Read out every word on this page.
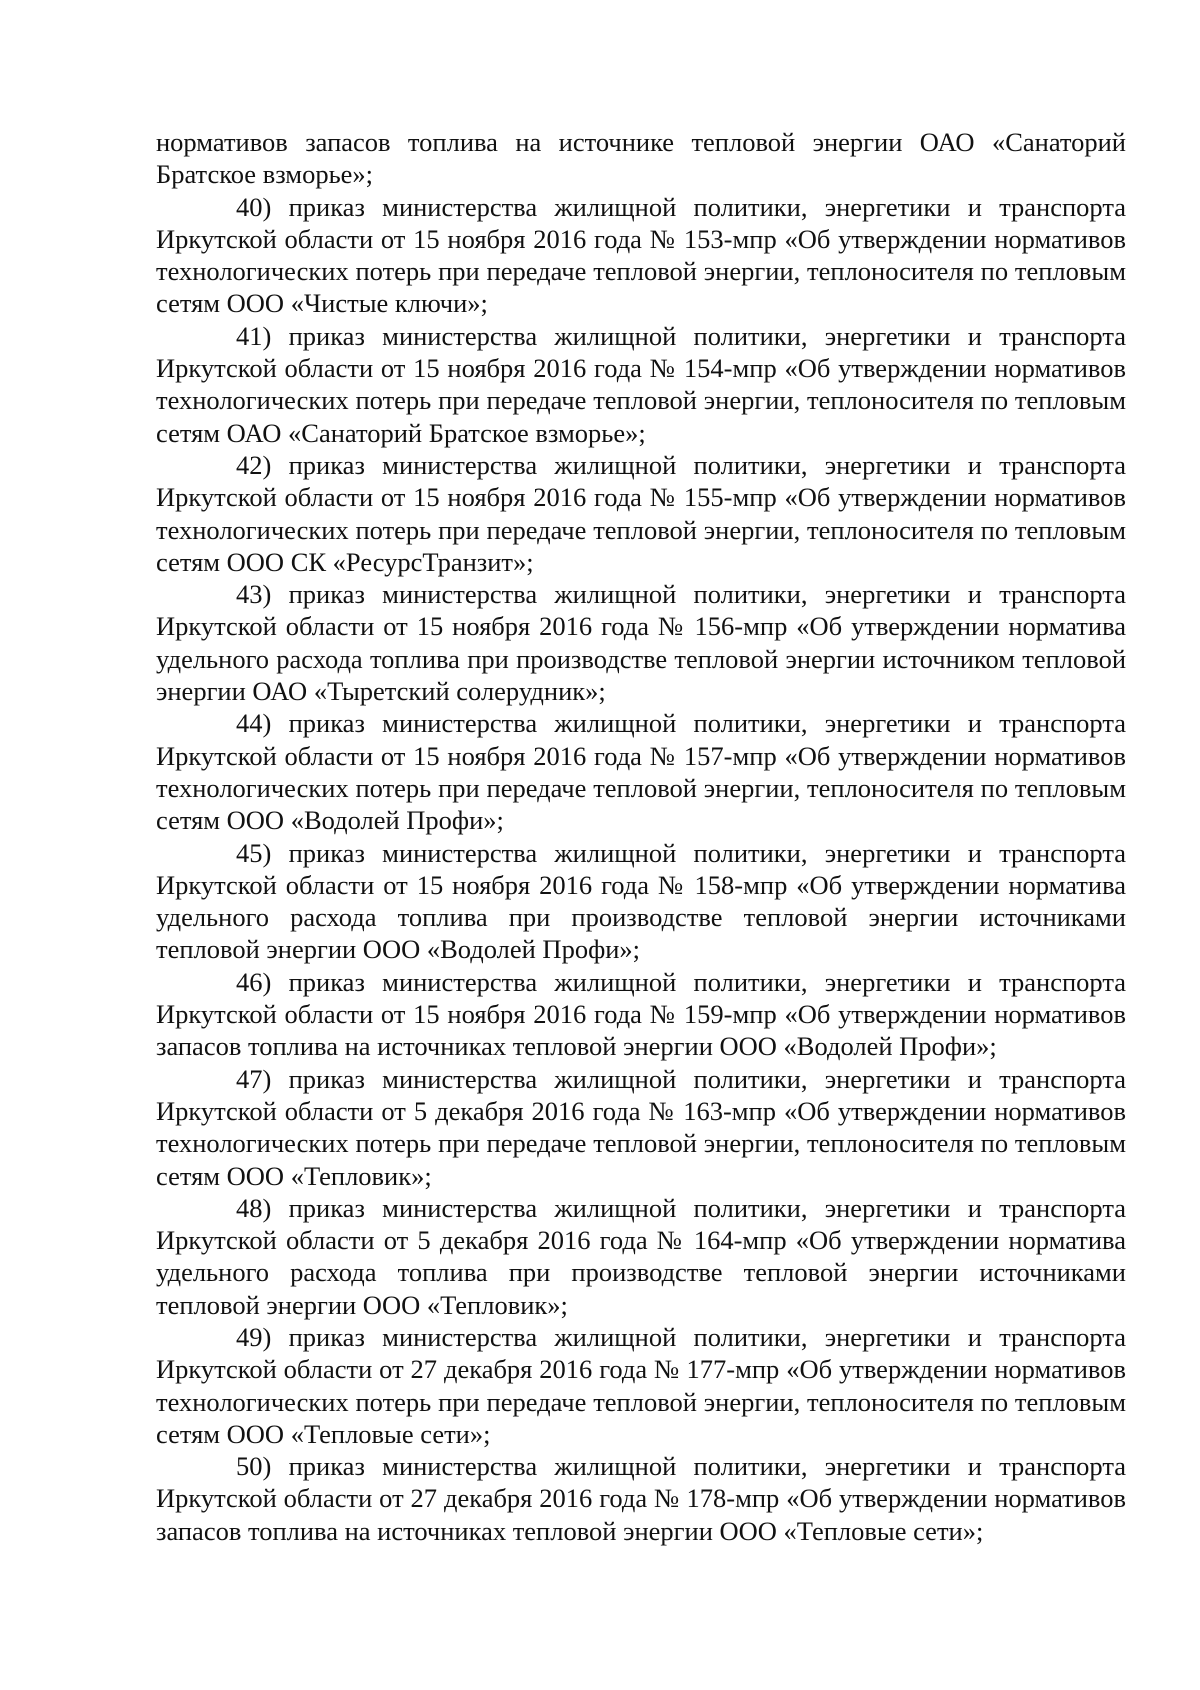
нормативов запасов топлива на источнике тепловой энергии ОАО «Санаторий Братское взморье»;

40) приказ министерства жилищной политики, энергетики и транспорта Иркутской области от 15 ноября 2016 года № 153-мпр «Об утверждении нормативов технологических потерь при передаче тепловой энергии, теплоносителя по тепловым сетям ООО «Чистые ключи»;

41) приказ министерства жилищной политики, энергетики и транспорта Иркутской области от 15 ноября 2016 года № 154-мпр «Об утверждении нормативов технологических потерь при передаче тепловой энергии, теплоносителя по тепловым сетям ОАО «Санаторий Братское взморье»;

42) приказ министерства жилищной политики, энергетики и транспорта Иркутской области от 15 ноября 2016 года № 155-мпр «Об утверждении нормативов технологических потерь при передаче тепловой энергии, теплоносителя по тепловым сетям ООО СК «РесурсТранзит»;

43) приказ министерства жилищной политики, энергетики и транспорта Иркутской области от 15 ноября 2016 года № 156-мпр «Об утверждении норматива удельного расхода топлива при производстве тепловой энергии источником тепловой энергии ОАО «Тыретский солерудник»;

44) приказ министерства жилищной политики, энергетики и транспорта Иркутской области от 15 ноября 2016 года № 157-мпр «Об утверждении нормативов технологических потерь при передаче тепловой энергии, теплоносителя по тепловым сетям ООО «Водолей Профи»;

45) приказ министерства жилищной политики, энергетики и транспорта Иркутской области от 15 ноября 2016 года № 158-мпр «Об утверждении норматива удельного расхода топлива при производстве тепловой энергии источниками тепловой энергии ООО «Водолей Профи»;

46) приказ министерства жилищной политики, энергетики и транспорта Иркутской области от 15 ноября 2016 года № 159-мпр «Об утверждении нормативов запасов топлива на источниках тепловой энергии ООО «Водолей Профи»;

47) приказ министерства жилищной политики, энергетики и транспорта Иркутской области от 5 декабря 2016 года № 163-мпр «Об утверждении нормативов технологических потерь при передаче тепловой энергии, теплоносителя по тепловым сетям ООО «Тепловик»;

48) приказ министерства жилищной политики, энергетики и транспорта Иркутской области от 5 декабря 2016 года № 164-мпр «Об утверждении норматива удельного расхода топлива при производстве тепловой энергии источниками тепловой энергии ООО «Тепловик»;

49) приказ министерства жилищной политики, энергетики и транспорта Иркутской области от 27 декабря 2016 года № 177-мпр «Об утверждении нормативов технологических потерь при передаче тепловой энергии, теплоносителя по тепловым сетям ООО «Тепловые сети»;

50) приказ министерства жилищной политики, энергетики и транспорта Иркутской области от 27 декабря 2016 года № 178-мпр «Об утверждении нормативов запасов топлива на источниках тепловой энергии ООО «Тепловые сети»;
